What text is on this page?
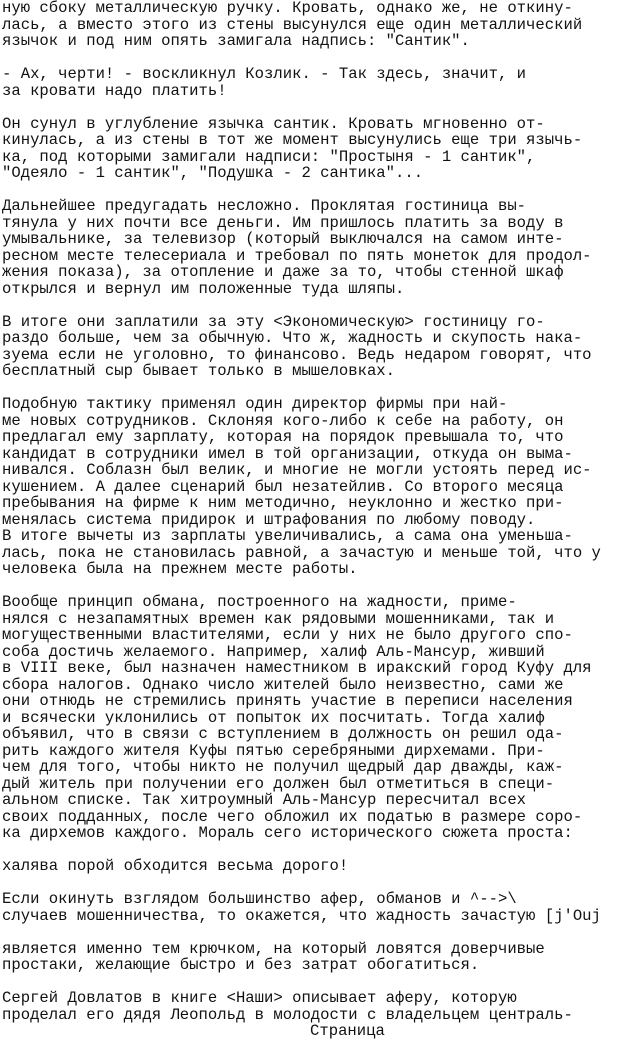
ную сбоку металлическую ручку. Кровать, однако же, не откину-
лась, а вместо этого из стены высунулся еще один металлический
язычок и под ним опять замигала надпись: "Сантик".
- Ах, черти! - воскликнул Козлик. - Так здесь, значит, и
за кровати надо платить!
Он сунул в углубление язычка сантик. Кровать мгновенно от-
кинулась, а из стены в тот же момент высунулись еще три язычь-
ка, под которыми замигали надписи: "Простыня - 1 сантик",
"Одеяло - 1 сантик", "Подушка - 2 сантика"...
Дальнейшее предугадать несложно. Проклятая гостиница вы-
тянула у них почти все деньги. Им пришлось платить за воду в
умывальнике, за телевизор (который выключался на самом инте-
ресном месте телесериала и требовал по пять монеток для продол-
жения показа), за отопление и даже за то, чтобы стенной шкаф
открылся и вернул им положенные туда шляпы.
В итоге они заплатили за эту <Экономическую> гостиницу го-
раздо больше, чем за обычную. Что ж, жадность и скупость нака-
зуема если не уголовно, то финансово. Ведь недаром говорят, что
бесплатный сыр бывает только в мышеловках.
Подобную тактику применял один директор фирмы при най-
ме новых сотрудников. Склоняя кого-либо к себе на работу, он
предлагал ему зарплату, которая на порядок превышала то, что
кандидат в сотрудники имел в той организации, откуда он выма-
нивался. Соблазн был велик, и многие не могли устоять перед ис-
кушением. А далее сценарий был незатейлив. Со второго месяца
пребывания на фирме к ним методично, неуклонно и жестко при-
менялась система придирок и штрафования по любому поводу.
В итоге вычеты из зарплаты увеличивались, а сама она уменьша-
лась, пока не становилась равной, а зачастую и меньше той, что у
человека была на прежнем месте работы.
Вообще принцип обмана, построенного на жадности, приме-
нялся с незапамятных времен как рядовыми мошенниками, так и
могущественными властителями, если у них не было другого спо-
соба достичь желаемого. Например, халиф Аль-Мансур, живший
в VIII веке, был назначен наместником в иракский город Куфу для
сбора налогов. Однако число жителей было неизвестно, сами же
они отнюдь не стремились принять участие в переписи населения
и всячески уклонились от попыток их посчитать. Тогда халиф
объявил, что в связи с вступлением в должность он решил ода-
рить каждого жителя Куфы пятью серебряными дирхемами. При-
чем для того, чтобы никто не получил щедрый дар дважды, каж-
дый житель при получении его должен был отметиться в специ-
альном списке. Так хитроумный Аль-Мансур пересчитал всех
своих подданных, после чего обложил их податью в размере соро-
ка дирхемов каждого. Мораль сего исторического сюжета проста:
халява порой обходится весьма дорого!
Если окинуть взглядом большинство афер, обманов и ^-->\
случаев мошенничества, то окажется, что жадность зачастую [j'Ouj
является именно тем крючком, на который ловятся доверчивые
простаки, желающие быстро и без затрат обогатиться.
Сергей Довлатов в книге <Наши> описывает аферу, которую
проделал его дядя Леопольд в молодости с владельцем централь-
Страница
